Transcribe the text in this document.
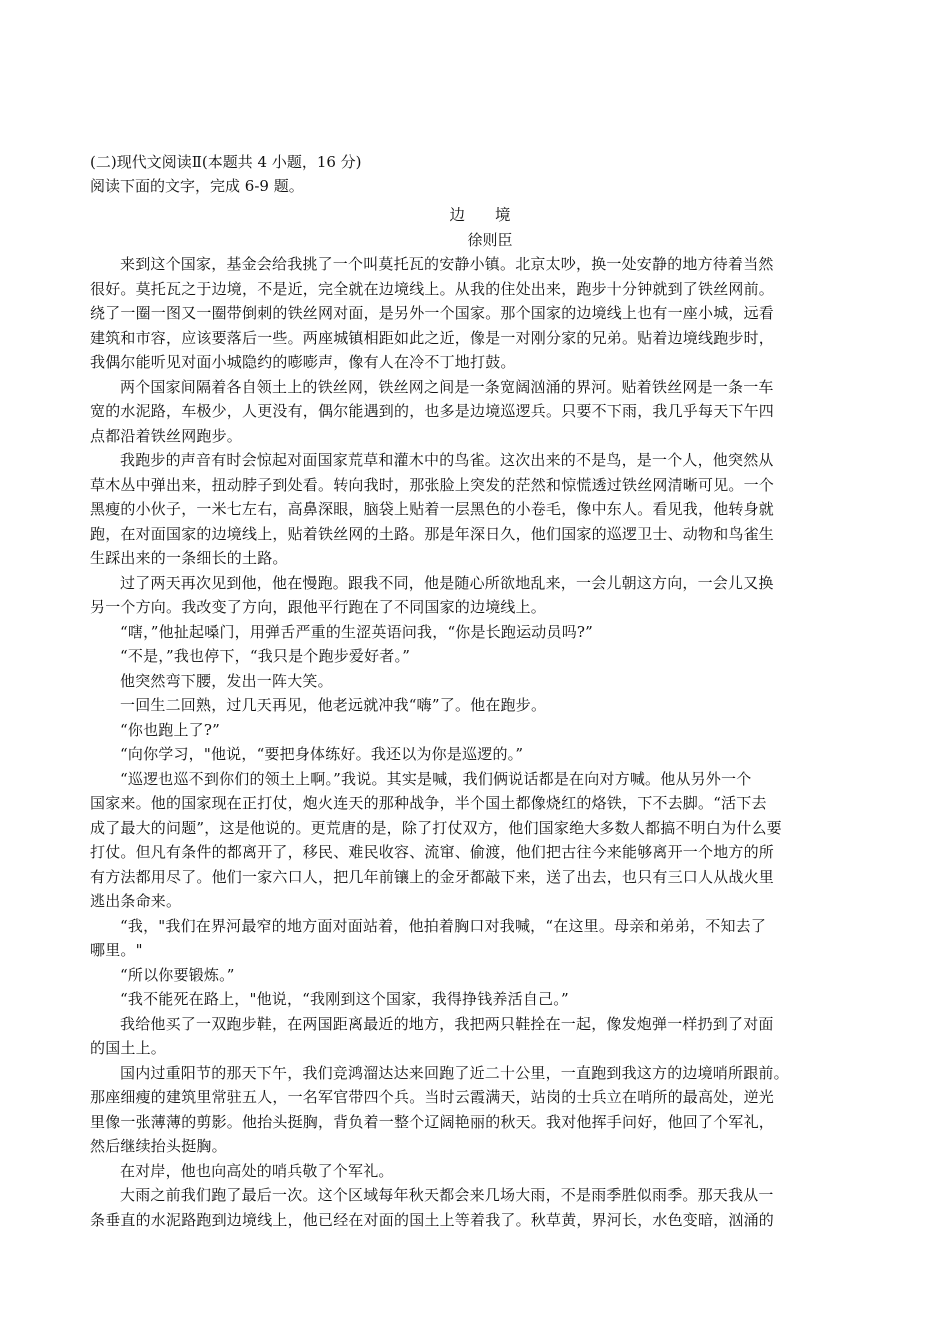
(二)现代文阅读Ⅱ(本题共 4 小题，16 分)
阅读下面的文字，完成 6-9 题。
边境
徐则臣
来到这个国家，基金会给我挑了一个叫莫托瓦的安静小镇。北京太吵，换一处安静的地方待着当然
很好。莫托瓦之于边境，不是近，完全就在边境线上。从我的住处出来，跑步十分钟就到了铁丝网前。
绕了一圈一图又一圈带倒刺的铁丝网对面，是另外一个国家。那个国家的边境线上也有一座小城，远看
建筑和市容，应该要落后一些。两座城镇相距如此之近，像是一对刚分家的兄弟。贴着边境线跑步时，
我偶尔能听见对面小城隐约的嘭嘭声，像有人在冷不丁地打鼓。
两个国家间隔着各自领土上的铁丝网，铁丝网之间是一条宽阔汹涌的界河。贴着铁丝网是一条一车
宽的水泥路，车极少，人更没有，偶尔能遇到的，也多是边境巡逻兵。只要不下雨，我几乎每天下午四
点都沿着铁丝网跑步。
我跑步的声音有时会惊起对面国家荒草和灌木中的鸟雀。这次出来的不是鸟，是一个人，他突然从
草木丛中弹出来，扭动脖子到处看。转向我时，那张脸上突发的茫然和惊慌透过铁丝网清晰可见。一个
黑瘦的小伙子，一米七左右，高鼻深眼，脑袋上贴着一层黑色的小卷毛，像中东人。看见我，他转身就
跑，在对面国家的边境线上，贴着铁丝网的土路。那是年深日久，他们国家的巡逻卫士、动物和鸟雀生
生踩出来的一条细长的土路。
过了两天再次见到他，他在慢跑。跟我不同，他是随心所欲地乱来，一会儿朝这方向，一会儿又换
另一个方向。我改变了方向，跟他平行跑在了不同国家的边境线上。
“嗐，”他扯起嗓门，用弹舌严重的生涩英语问我，“你是长跑运动员吗?”
“不是，”我也停下，“我只是个跑步爱好者。”
他突然弯下腰，发出一阵大笑。
一回生二回熟，过几天再见，他老远就冲我“嗨”了。他在跑步。
“你也跑上了?”
“向你学习，"他说，“要把身体练好。我还以为你是巡逻的。”
“巡逻也巡不到你们的领土上啊。”我说。其实是喊，我们俩说话都是在向对方喊。他从另外一个
国家来。他的国家现在正打仗，炮火连天的那种战争，半个国土都像烧红的烙铁，下不去脚。“活下去
成了最大的问题”，这是他说的。更荒唐的是，除了打仗双方，他们国家绝大多数人都搞不明白为什么要
打仗。但凡有条件的都离开了，移民、难民收容、流窜、偷渡，他们把古往今来能够离开一个地方的所
有方法都用尽了。他们一家六口人，把几年前镶上的金牙都敲下来，送了出去，也只有三口人从战火里
逃出条命来。
“我，"我们在界河最窄的地方面对面站着，他拍着胸口对我喊，“在这里。母亲和弟弟，不知去了
哪里。"
“所以你要锻炼。”
“我不能死在路上，"他说，“我刚到这个国家，我得挣钱养活自己。”
我给他买了一双跑步鞋，在两国距离最近的地方，我把两只鞋拴在一起，像发炮弹一样扔到了对面
的国土上。
国内过重阳节的那天下午，我们竞鸿溜达达来回跑了近二十公里，一直跑到我这方的边境哨所跟前。
那座细瘦的建筑里常驻五人，一名军官带四个兵。当时云霞满天，站岗的士兵立在哨所的最高处，逆光
里像一张薄薄的剪影。他抬头挺胸，背负着一整个辽阔艳丽的秋天。我对他挥手问好，他回了个军礼，
然后继续抬头挺胸。
在对岸，他也向高处的哨兵敬了个军礼。
大雨之前我们跑了最后一次。这个区域每年秋天都会来几场大雨，不是雨季胜似雨季。那天我从一
条垂直的水泥路跑到边境线上，他已经在对面的国土上等着我了。秋草黄，界河长，水色变暗，汹涌的
